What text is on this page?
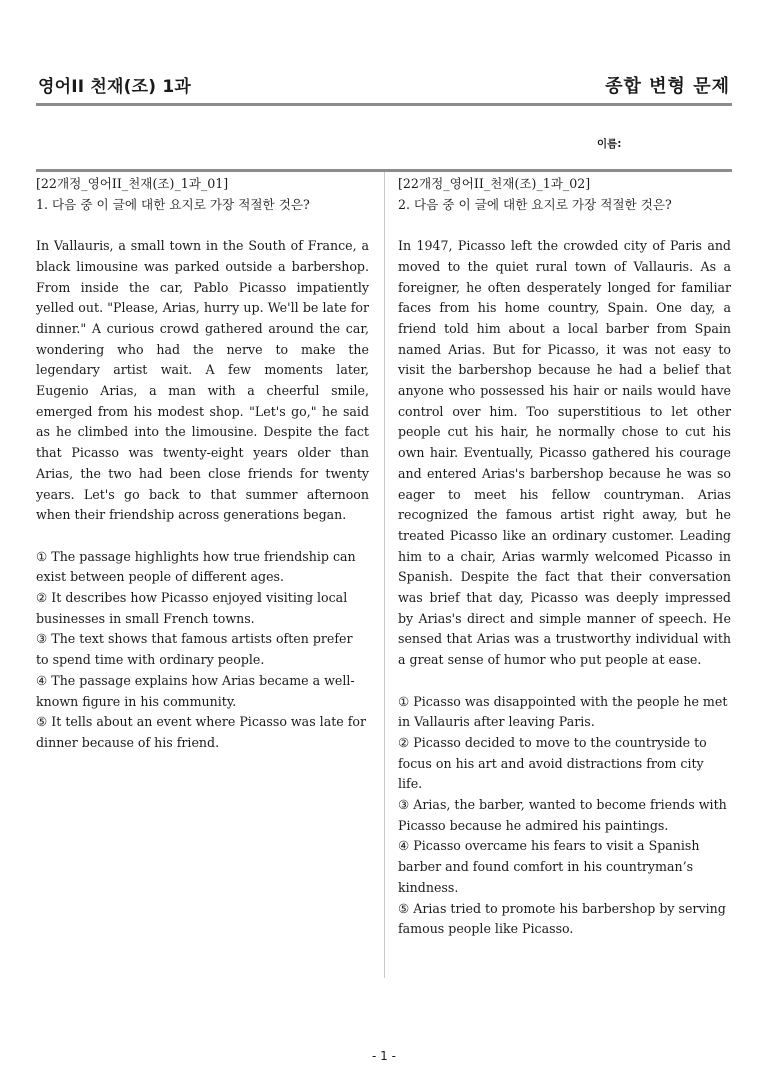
영어II 천재(조) 1과	종합 변형 문제
이름:
[22개정_영어II_천재(조)_1과_01]
1. 다음 중 이 글에 대한 요지로 가장 적절한 것은?
In Vallauris, a small town in the South of France, a black limousine was parked outside a barbershop. From inside the car, Pablo Picasso impatiently yelled out. "Please, Arias, hurry up. We'll be late for dinner." A curious crowd gathered around the car, wondering who had the nerve to make the legendary artist wait. A few moments later, Eugenio Arias, a man with a cheerful smile, emerged from his modest shop. "Let's go," he said as he climbed into the limousine. Despite the fact that Picasso was twenty-eight years older than Arias, the two had been close friends for twenty years. Let's go back to that summer afternoon when their friendship across generations began.
① The passage highlights how true friendship can exist between people of different ages.
② It describes how Picasso enjoyed visiting local businesses in small French towns.
③ The text shows that famous artists often prefer to spend time with ordinary people.
④ The passage explains how Arias became a well-known figure in his community.
⑤ It tells about an event where Picasso was late for dinner because of his friend.
[22개정_영어II_천재(조)_1과_02]
2. 다음 중 이 글에 대한 요지로 가장 적절한 것은?
In 1947, Picasso left the crowded city of Paris and moved to the quiet rural town of Vallauris. As a foreigner, he often desperately longed for familiar faces from his home country, Spain. One day, a friend told him about a local barber from Spain named Arias. But for Picasso, it was not easy to visit the barbershop because he had a belief that anyone who possessed his hair or nails would have control over him. Too superstitious to let other people cut his hair, he normally chose to cut his own hair. Eventually, Picasso gathered his courage and entered Arias's barbershop because he was so eager to meet his fellow countryman. Arias recognized the famous artist right away, but he treated Picasso like an ordinary customer. Leading him to a chair, Arias warmly welcomed Picasso in Spanish. Despite the fact that their conversation was brief that day, Picasso was deeply impressed by Arias's direct and simple manner of speech. He sensed that Arias was a trustworthy individual with a great sense of humor who put people at ease.
① Picasso was disappointed with the people he met in Vallauris after leaving Paris.
② Picasso decided to move to the countryside to focus on his art and avoid distractions from city life.
③ Arias, the barber, wanted to become friends with Picasso because he admired his paintings.
④ Picasso overcame his fears to visit a Spanish barber and found comfort in his countryman’s kindness.
⑤ Arias tried to promote his barbershop by serving famous people like Picasso.
- 1 -
